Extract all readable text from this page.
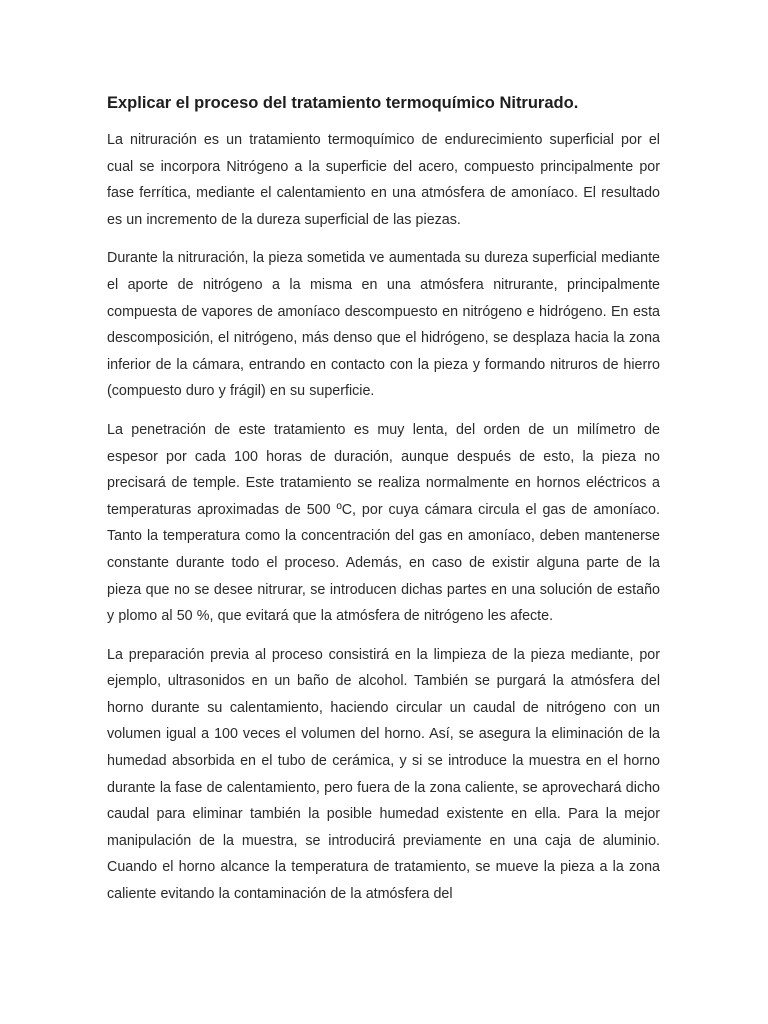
Explicar el proceso del tratamiento termoquímico Nitrurado.

La nitruración es un tratamiento termoquímico de endurecimiento superficial por el cual se incorpora Nitrógeno a la superficie del acero, compuesto principalmente por fase ferrítica, mediante el calentamiento en una atmósfera de amoníaco. El resultado es un incremento de la dureza superficial de las piezas.

Durante la nitruración, la pieza sometida ve aumentada su dureza superficial mediante el aporte de nitrógeno a la misma en una atmósfera nitrurante, principalmente compuesta de vapores de amoníaco descompuesto en nitrógeno e hidrógeno. En esta descomposición, el nitrógeno, más denso que el hidrógeno, se desplaza hacia la zona inferior de la cámara, entrando en contacto con la pieza y formando nitruros de hierro (compuesto duro y frágil) en su superficie.

La penetración de este tratamiento es muy lenta, del orden de un milímetro de espesor por cada 100 horas de duración, aunque después de esto, la pieza no precisará de temple. Este tratamiento se realiza normalmente en hornos eléctricos a temperaturas aproximadas de 500 ºC, por cuya cámara circula el gas de amoníaco. Tanto la temperatura como la concentración del gas en amoníaco, deben mantenerse constante durante todo el proceso. Además, en caso de existir alguna parte de la pieza que no se desee nitrurar, se introducen dichas partes en una solución de estaño y plomo al 50 %, que evitará que la atmósfera de nitrógeno les afecte.

La preparación previa al proceso consistirá en la limpieza de la pieza mediante, por ejemplo, ultrasonidos en un baño de alcohol. También se purgará la atmósfera del horno durante su calentamiento, haciendo circular un caudal de nitrógeno con un volumen igual a 100 veces el volumen del horno. Así, se asegura la eliminación de la humedad absorbida en el tubo de cerámica, y si se introduce la muestra en el horno durante la fase de calentamiento, pero fuera de la zona caliente, se aprovechará dicho caudal para eliminar también la posible humedad existente en ella. Para la mejor manipulación de la muestra, se introducirá previamente en una caja de aluminio. Cuando el horno alcance la temperatura de tratamiento, se mueve la pieza a la zona caliente evitando la contaminación de la atmósfera del
